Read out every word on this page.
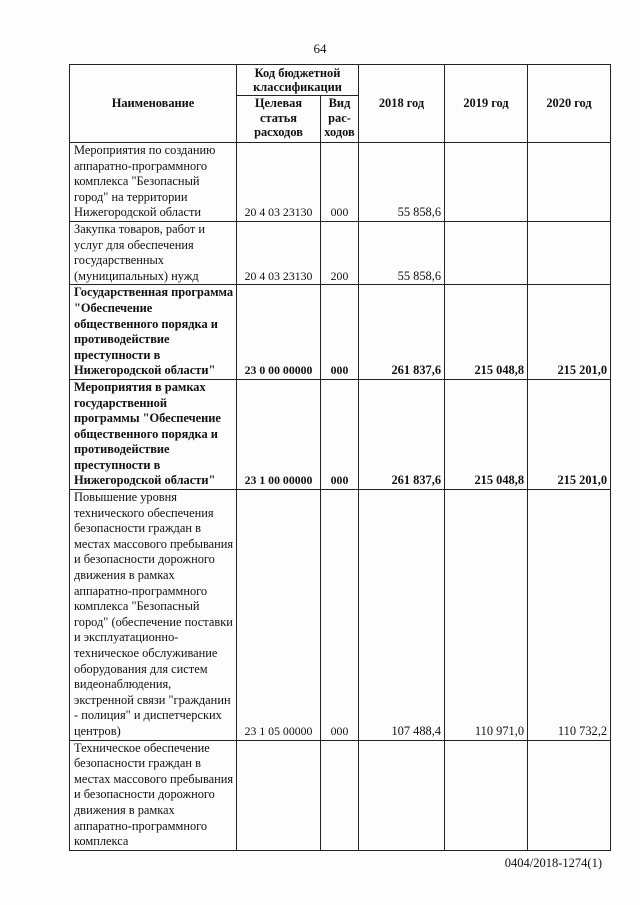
64
Наименование	Код бюджетной классификации		2018 год	2019 год	2020 год
	Целевая статья расходов	Вид рас-ходов			
Мероприятия по созданию аппаратно-программного комплекса "Безопасный город" на территории Нижегородской области	20 4 03 23130	000	55 858,6		
Закупка товаров, работ и услуг для обеспечения государственных (муниципальных) нужд	20 4 03 23130	200	55 858,6		
Государственная программа "Обеспечение общественного порядка и противодействие преступности в Нижегородской области"	23 0 00 00000	000	261 837,6	215 048,8	215 201,0
Мероприятия в рамках государственной программы "Обеспечение общественного порядка и противодействие преступности в Нижегородской области"	23 1 00 00000	000	261 837,6	215 048,8	215 201,0
Повышение уровня технического обеспечения безопасности граждан в местах массового пребывания и безопасности дорожного движения в рамках аппаратно-программного комплекса "Безопасный город" (обеспечение поставки и эксплуатационно-техническое обслуживание оборудования для систем видеонаблюдения, экстренной связи "гражданин - полиция" и диспетчерских центров)	23 1 05 00000	000	107 488,4	110 971,0	110 732,2
Техническое обеспечение безопасности граждан в местах массового пребывания и безопасности дорожного движения в рамках аппаратно-программного комплекса					
0404/2018-1274(1)
